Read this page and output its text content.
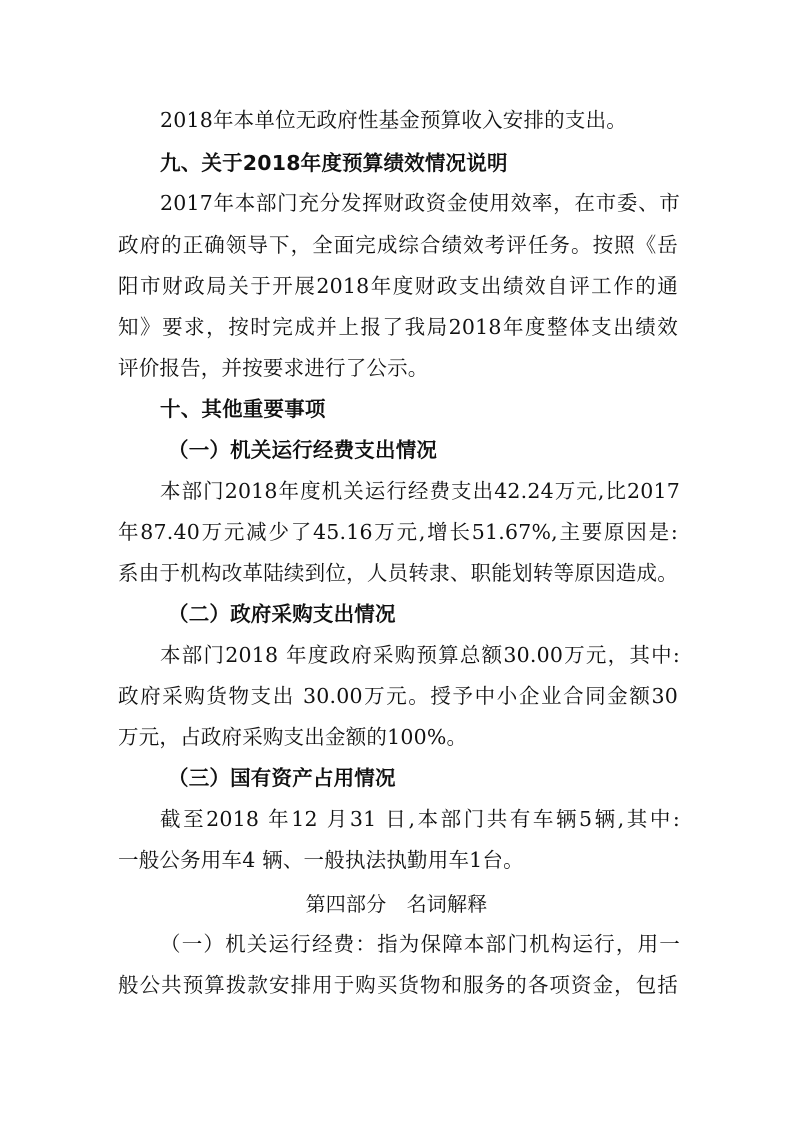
2018年本单位无政府性基金预算收入安排的支出。
九、关于2018年度预算绩效情况说明
2017年本部门充分发挥财政资金使用效率，在市委、市
政府的正确领导下，全面完成综合绩效考评任务。按照《岳
阳市财政局关于开展2018年度财政支出绩效自评工作的通
知》要求，按时完成并上报了我局2018年度整体支出绩效
评价报告，并按要求进行了公示。
十、其他重要事项
（一）机关运行经费支出情况
本部门2018年度机关运行经费支出42.24万元,比2017
年87.40万元减少了45.16万元,增长51.67%,主要原因是:
系由于机构改革陆续到位，人员转隶、职能划转等原因造成。
（二）政府采购支出情况
本部门2018 年度政府采购预算总额30.00万元，其中:
政府采购货物支出 30.00万元。授予中小企业合同金额30
万元，占政府采购支出金额的100%。
（三）国有资产占用情况
截至2018 年12 月31 日,本部门共有车辆5辆,其中:
一般公务用车4 辆、一般执法执勤用车1台。
第四部分　名词解释
（一）机关运行经费：指为保障本部门机构运行，用一
般公共预算拨款安排用于购买货物和服务的各项资金，包括
